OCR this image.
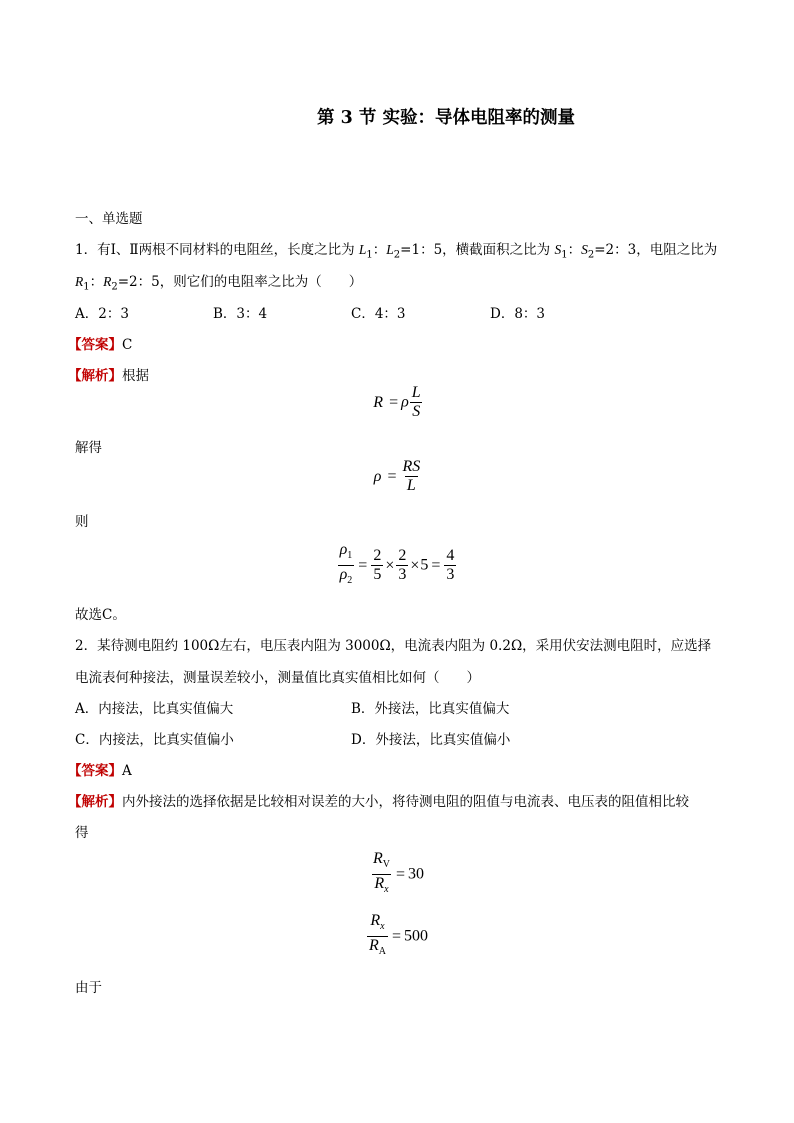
第 3 节 实验：导体电阻率的测量
一、单选题
1．有Ⅰ、Ⅱ两根不同材料的电阻丝，长度之比为 $L_1$：$L_2=1$：5，横截面积之比为 $S_1$：$S_2=2$：3，电阻之比为
$R_1$：$R_2=2$：5，则它们的电阻率之比为（　　）
A．2：3	B．3：4	C．4：3	D．8：3
【答案】C
【解析】根据
R = ρ $\frac{L}{S}$
解得
$\rho = \frac{RS}{L}$
则
$\frac{\rho_1}{\rho_2} = \frac{2}{5} \times \frac{2}{3} \times 5 = \frac{4}{3}$
故选C。
2．某待测电阻约 100Ω左右，电压表内阻为 3000Ω，电流表内阻为 0.2Ω，采用伏安法测电阻时，应选择
电流表何种接法，测量误差较小，测量值比真实值相比如何（　　）
A．内接法，比真实值偏大	B．外接法，比真实值偏大
C．内接法，比真实值偏小	D．外接法，比真实值偏小
【答案】A
【解析】内外接法的选择依据是比较相对误差的大小，将待测电阻的阻值与电流表、电压表的阻值相比较
得
$\frac{R_V}{R_x} = 30$
$\frac{R_x}{R_A} = 500$
由于
